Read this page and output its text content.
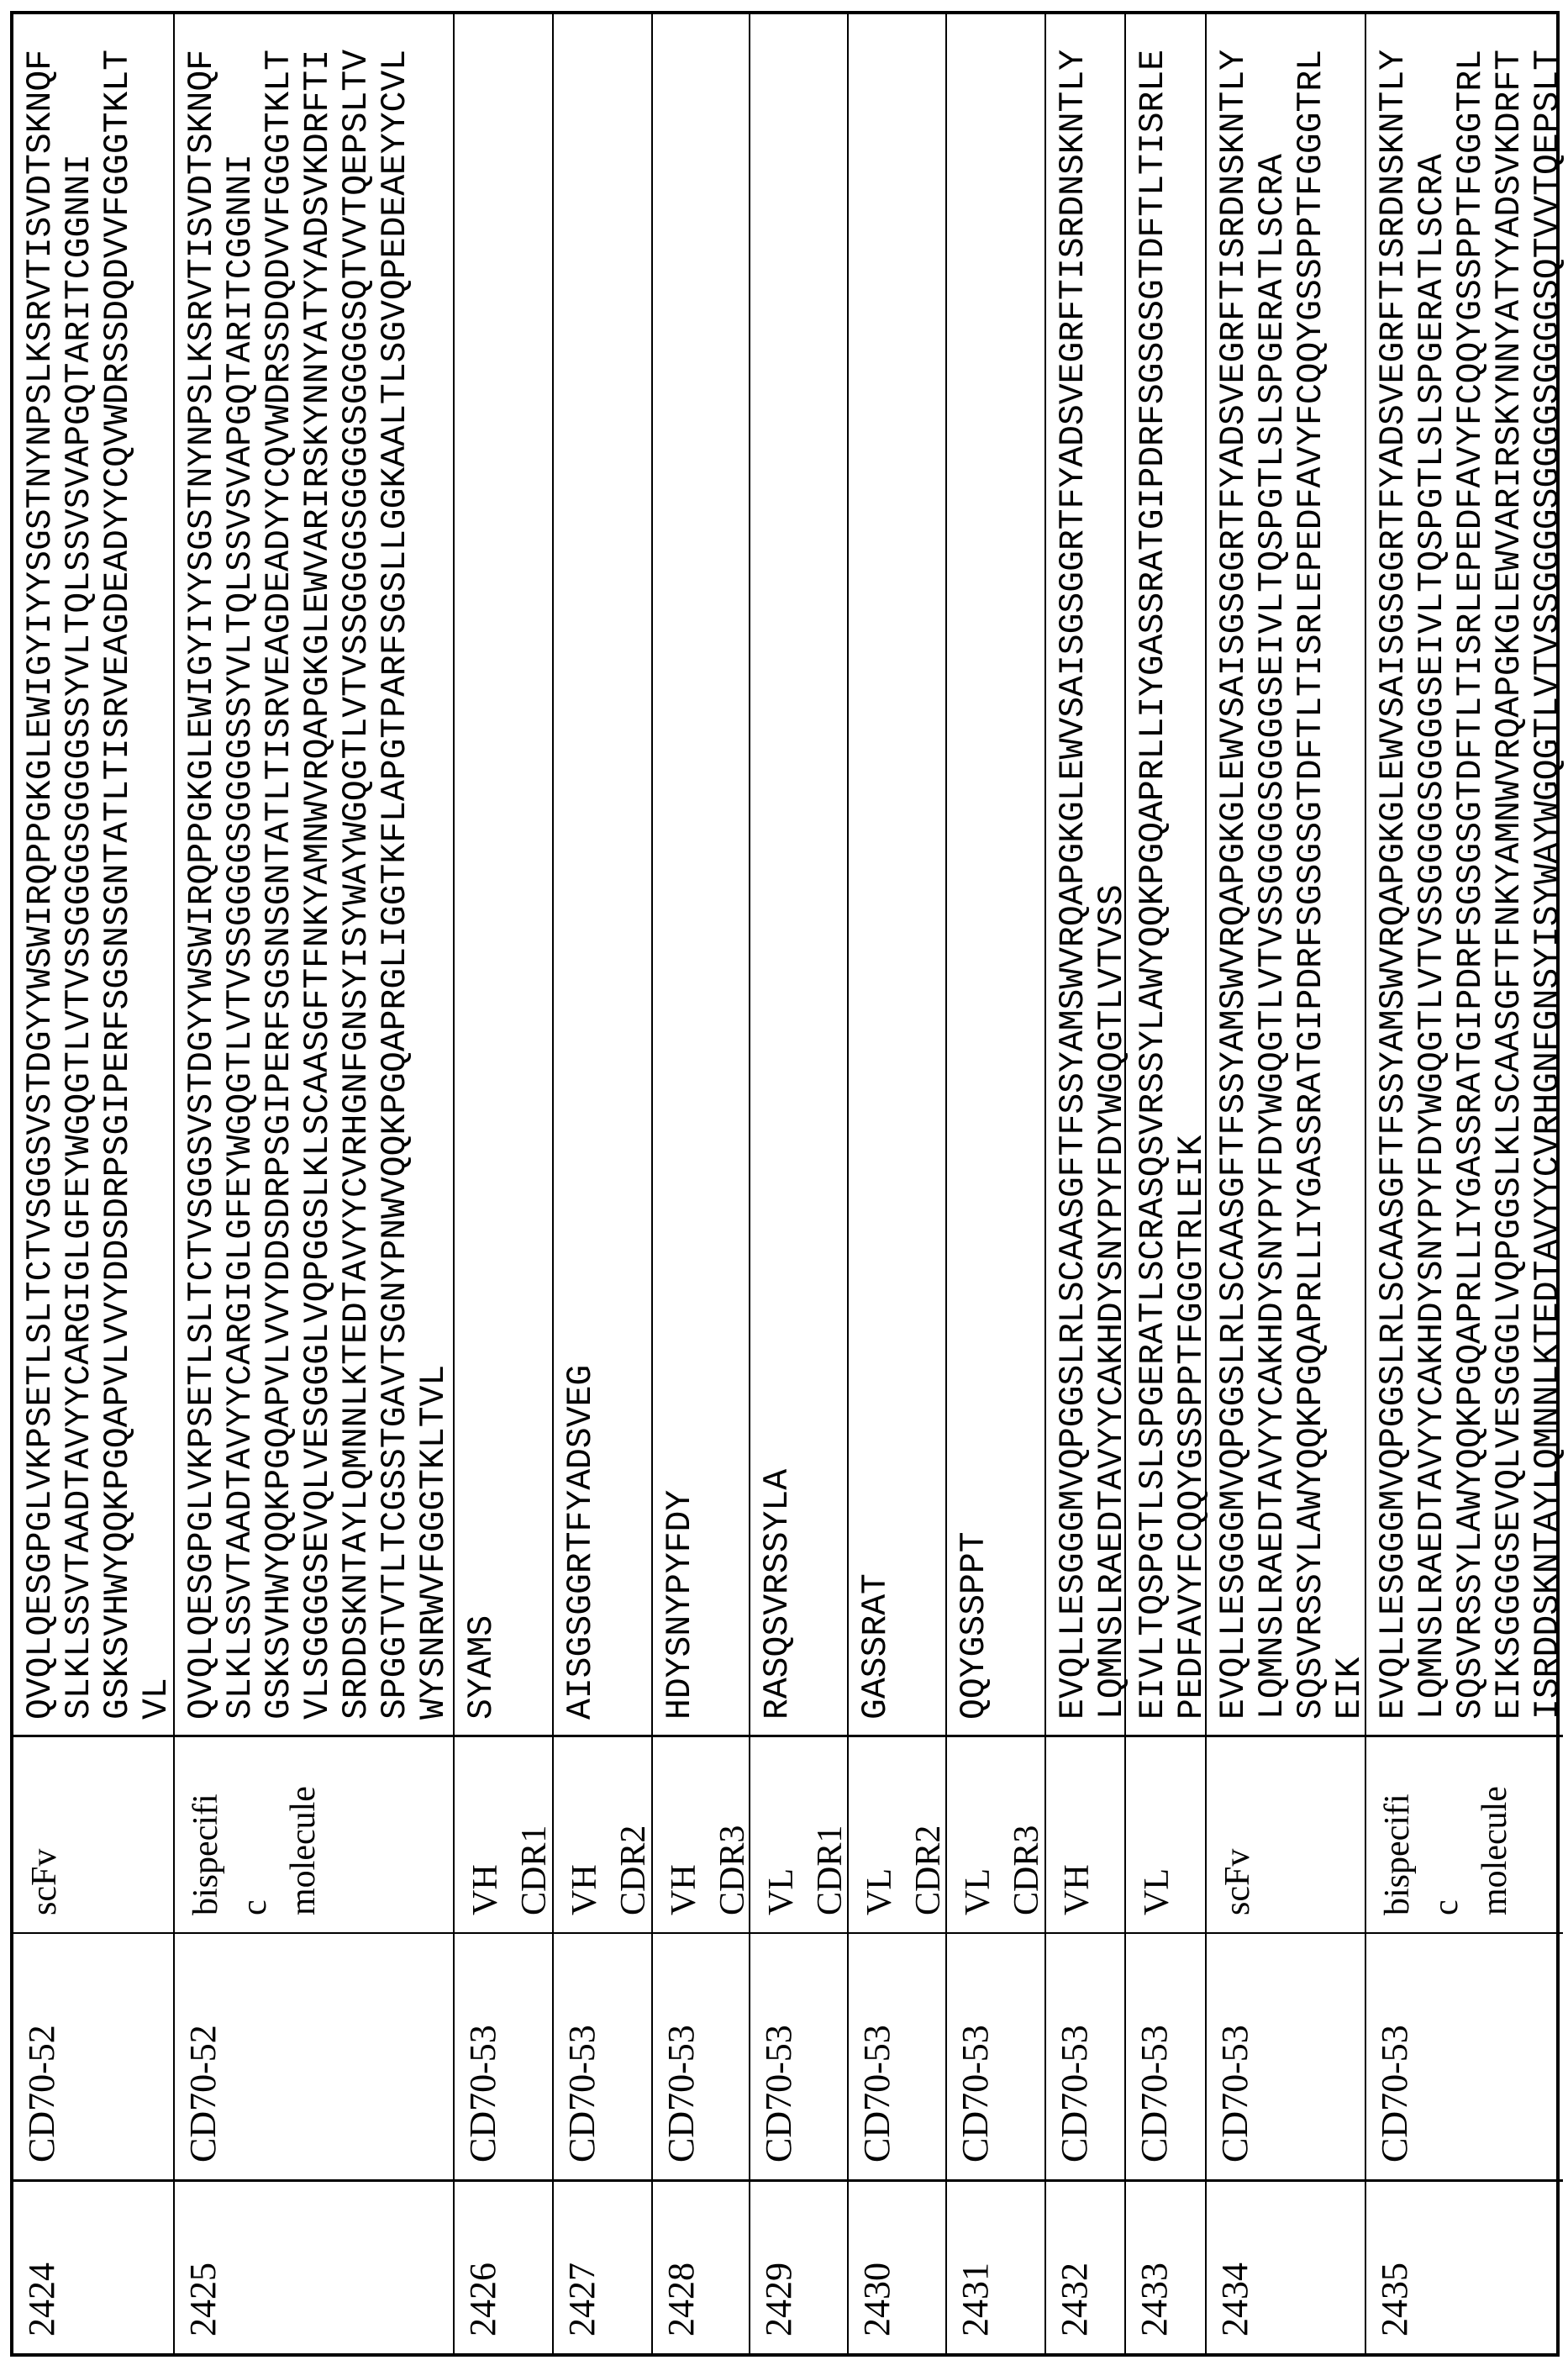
2424
CD70-52
scFv
QVQLQESGPGLVKPSETLSLTCTVSGGSVSTDGYYWSWIRQPPGKGLEWIGYIYYSGSTNYNPSLKSRVTISVDTSKNQF
SLKLSSVTAADTAVYYCARGIGLGFEYWGQGTLVTVSSGGGGSGGGGSSYVLTQLSSVSVAPGQTARITCGGNNI
GSKSVHWYQQKPGQAPVLVVYDDSDRPSGIPERFSGSNSGNTATLTISRVEAGDEADYYCQVWDRSSDQDVVFGGGTKLT
VL
2425
CD70-52
bispecifi
c
molecule
QVQLQESGPGLVKPSETLSLTCTVSGGSVSTDGYYWSWIRQPPGKGLEWIGYIYYSGSTNYNPSLKSRVTISVDTSKNQF
SLKLSSVTAADTAVYYCARGIGLGFEYWGQGTLVTVSSGGGGSGGGGSSYVLTQLSSVSVAPGQTARITCGGNNI
GSKSVHWYQQKPGQAPVLVVYDDSDRPSGIPERFSGSNSGNTATLTISRVEAGDEADYYCQVWDRSSDQDVVFGGGTKLT
VLSGGGGSEVQLVESGGGLVQPGGSLKLSCAASGFTFNKYAMNWVRQAPGKGLEWVARIRSKYNNYATYYADSVKDRFTI
SRDDSKNTAYLQMNNLKTEDTAVYYCVRHGNFGNSYISYWAYWGQGTLVTVSSGGGGSGGGGSGGGGSQTVVTQEPSLTV
SPGGTVTLTCGSSTGAVTSGNYPNWVQQKPGQAPRGLIGGTKFLAPGTPARFSGSLLGGKAALTLSGVQPEDEAEYYCVL
WYSNRWVFGGGTKLTVL
2426
CD70-53
VH
CDR1
SYAMS
2427
CD70-53
VH
CDR2
AISGSGGRTFYADSVEG
2428
CD70-53
VH
CDR3
HDYSNYPYFDY
2429
CD70-53
VL
CDR1
RASQSVRSSYLA
2430
CD70-53
VL
CDR2
GASSRAT
2431
CD70-53
VL
CDR3
QQYGSSPPT
2432
CD70-53
VH
EVQLLESGGGMVQPGGSLRLSCAASGFTFSSYAMSWVRQAPGKGLEWVSAISGSGGRTFYADSVEGRFTISRDNSKNTLY
LQMNSLRAEDTAVYYCAKHDYSNYPYFDYWGQGTLVTVSS
2433
CD70-53
VL
EIVLTQSPGTLSLSPGERATLSCRASQSVRSSYLAWYQQKPGQAPRLLIYGASSRATGIPDRFSGSGSGTDFTLTISRLE
PEDFAVYFCQQYGSSPPTFGGGTRLEIK
2434
CD70-53
scFv
EVQLLESGGGMVQPGGSLRLSCAASGFTFSSYAMSWVRQAPGKGLEWVSAISGSGGRTFYADSVEGRFTISRDNSKNTLY
LQMNSLRAEDTAVYYCAKHDYSNYPYFDYWGQGTLVTVSSGGGGSGGGGSEIVLTQSPGTLSLSPGERATLSCRA
SQSVRSSYLAWYQQKPGQAPRLLIYGASSRATGIPDRFSGSGSGTDFTLTISRLEPEDFAVYFCQQYGSSPPTFGGGTRL
EIK
2435
CD70-53
bispecifi
c
molecule
EVQLLESGGGMVQPGGSLRLSCAASGFTFSSYAMSWVRQAPGKGLEWVSAISGSGGRTFYADSVEGRFTISRDNSKNTLY
LQMNSLRAEDTAVYYCAKHDYSNYPYFDYWGQGTLVTVSSGGGGSGGGGSEIVLTQSPGTLSLSPGERATLSCRA
SQSVRSSYLAWYQQKPGQAPRLLIYGASSRATGIPDRFSGSGSGTDFTLTISRLEPEDFAVYFCQQYGSSPPTFGGGTRL
EIKSGGGGSEVQLVESGGGLVQPGGSLKLSCAASGFTFNKYAMNWVRQAPGKGLEWVARIRSKYNNYATYYADSVKDRFT
ISRDDSKNTAYLQMNNLKTEDTAVYYCVRHGNFGNSYISYWAYWGQGTLVTVSSGGGGSGGGGSGGGGSQTVVTQEPSLT
